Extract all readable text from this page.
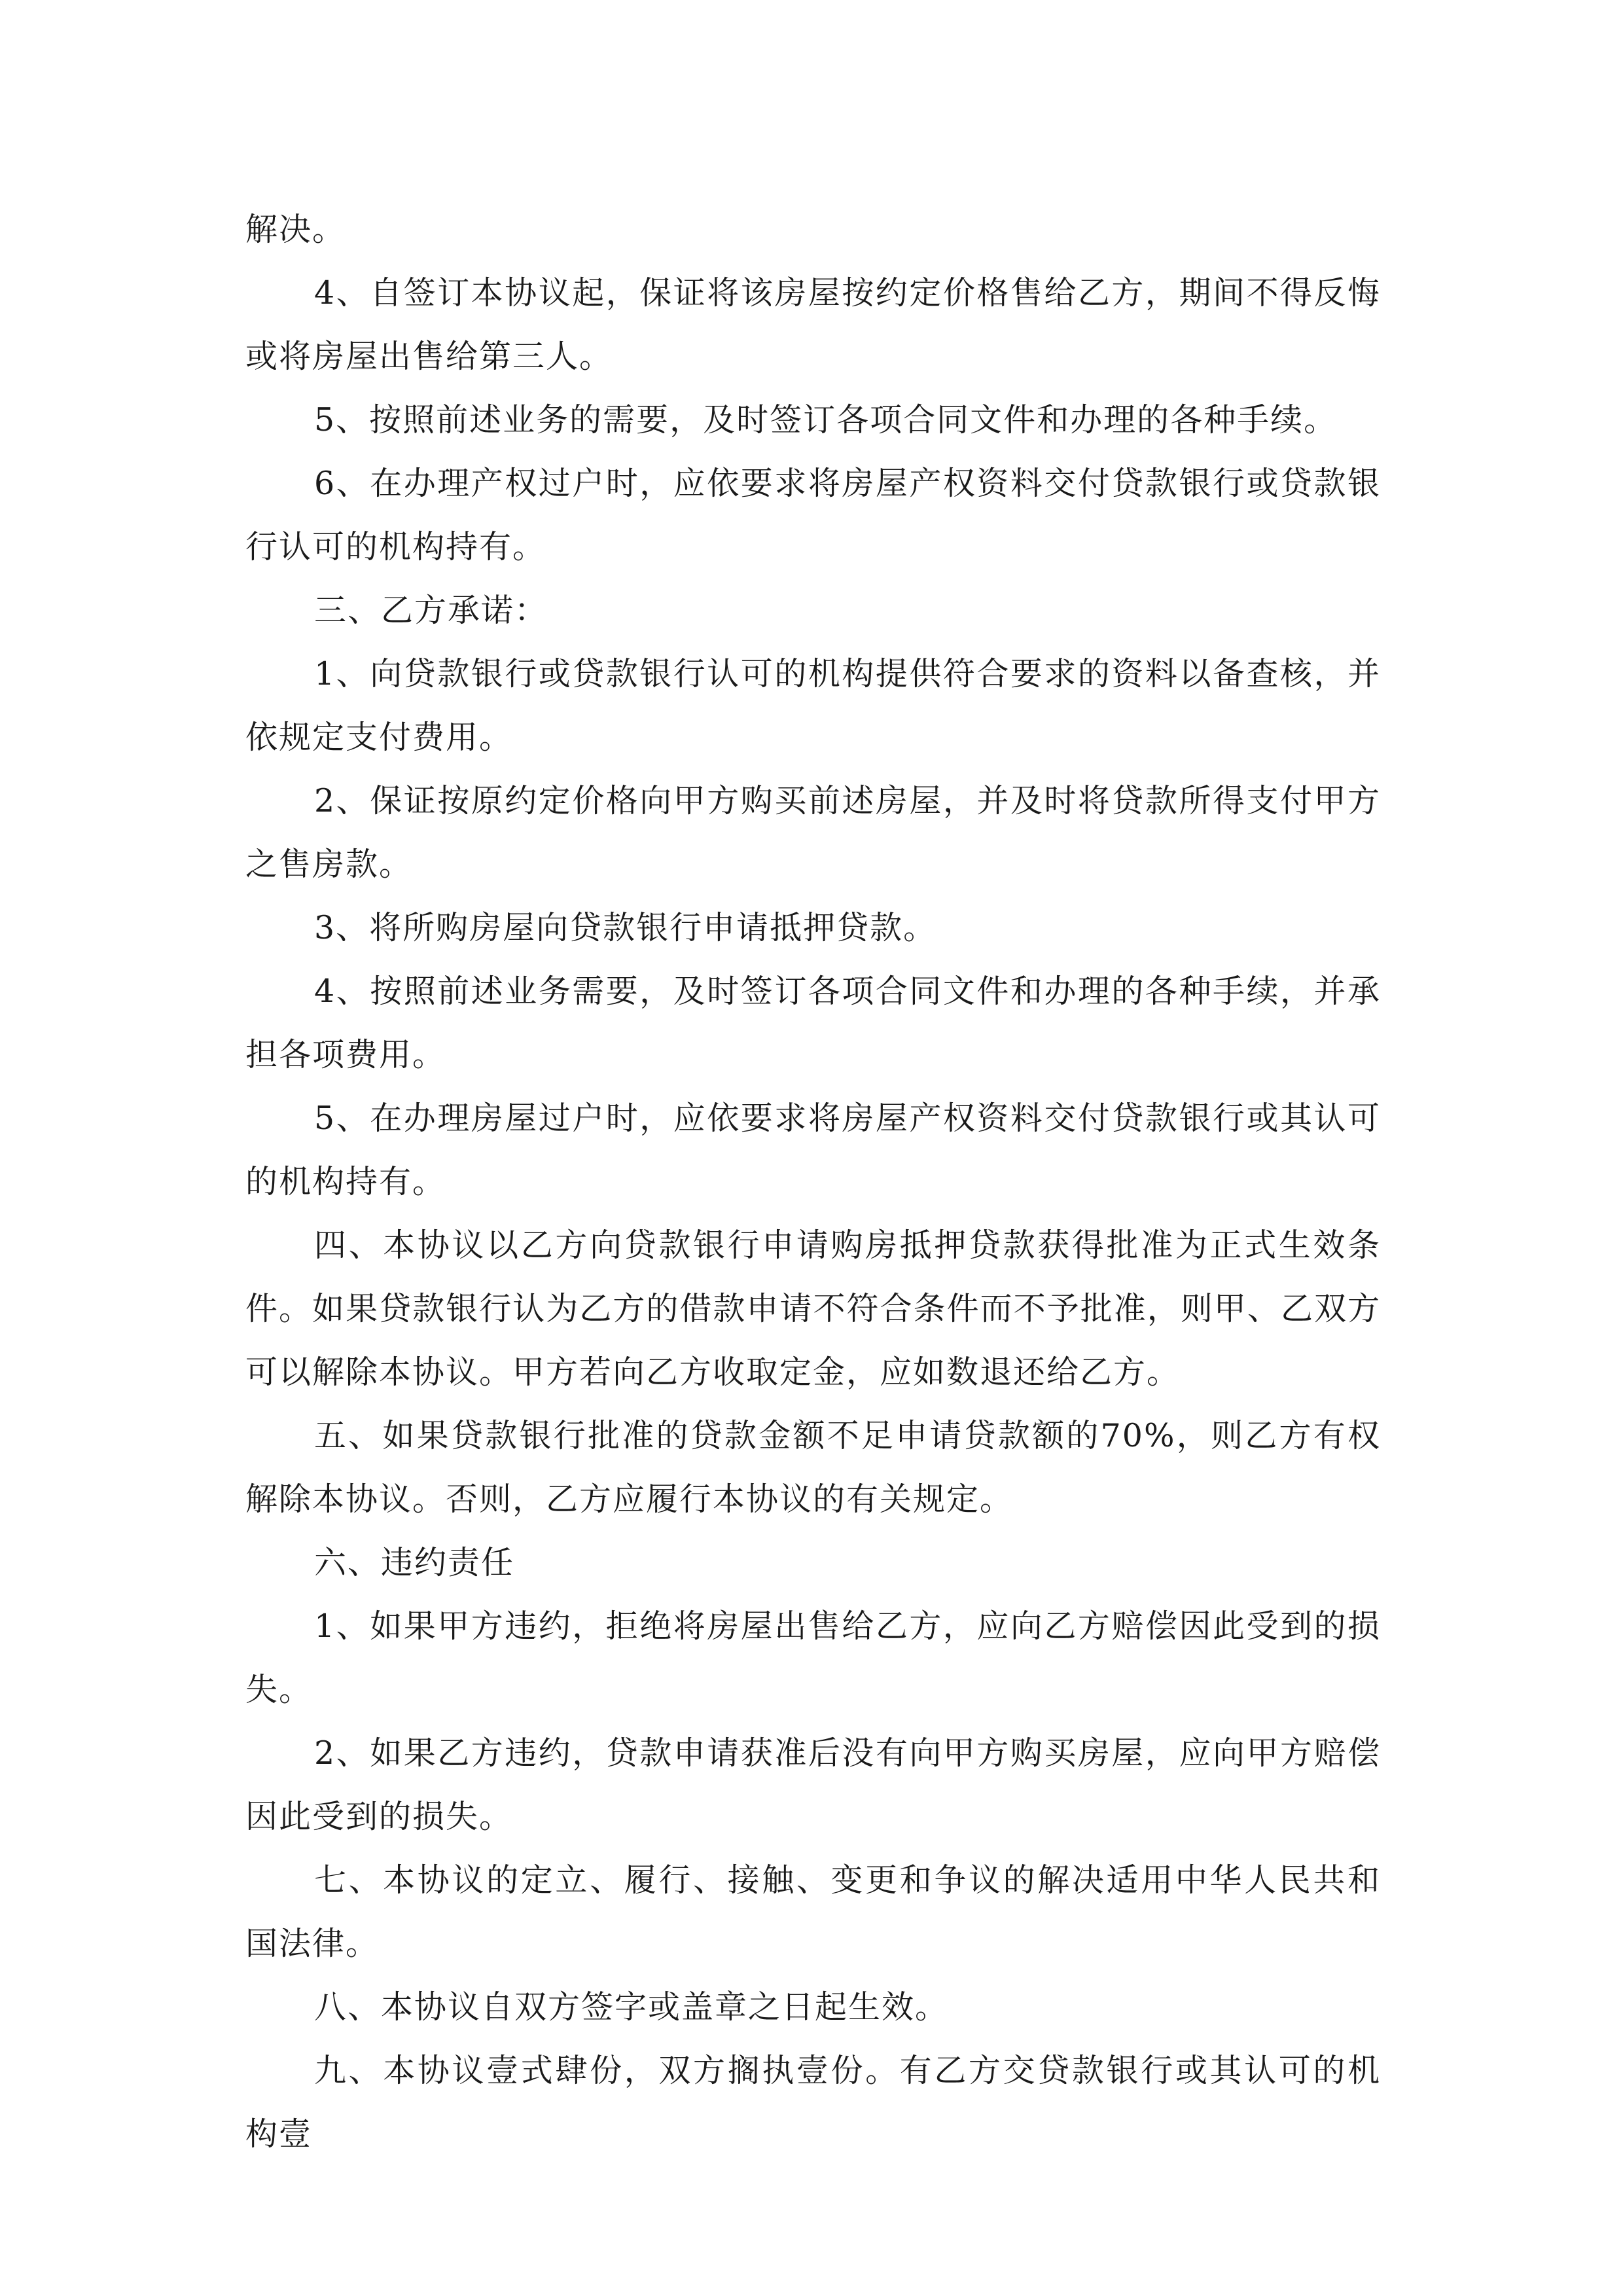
解决。

4、自签订本协议起，保证将该房屋按约定价格售给乙方，期间不得反悔或将房屋出售给第三人。

5、按照前述业务的需要，及时签订各项合同文件和办理的各种手续。

6、在办理产权过户时，应依要求将房屋产权资料交付贷款银行或贷款银行认可的机构持有。

三、乙方承诺：

1、向贷款银行或贷款银行认可的机构提供符合要求的资料以备查核，并依规定支付费用。

2、保证按原约定价格向甲方购买前述房屋，并及时将贷款所得支付甲方之售房款。

3、将所购房屋向贷款银行申请抵押贷款。

4、按照前述业务需要，及时签订各项合同文件和办理的各种手续，并承担各项费用。

5、在办理房屋过户时，应依要求将房屋产权资料交付贷款银行或其认可的机构持有。

四、本协议以乙方向贷款银行申请购房抵押贷款获得批准为正式生效条件。如果贷款银行认为乙方的借款申请不符合条件而不予批准，则甲、乙双方可以解除本协议。甲方若向乙方收取定金，应如数退还给乙方。

五、如果贷款银行批准的贷款金额不足申请贷款额的70%，则乙方有权解除本协议。否则，乙方应履行本协议的有关规定。

六、违约责任

1、如果甲方违约，拒绝将房屋出售给乙方，应向乙方赔偿因此受到的损失。

2、如果乙方违约，贷款申请获准后没有向甲方购买房屋，应向甲方赔偿因此受到的损失。

七、本协议的定立、履行、接触、变更和争议的解决适用中华人民共和国法律。

八、本协议自双方签字或盖章之日起生效。

九、本协议壹式肆份，双方搁执壹份。有乙方交贷款银行或其认可的机构壹
